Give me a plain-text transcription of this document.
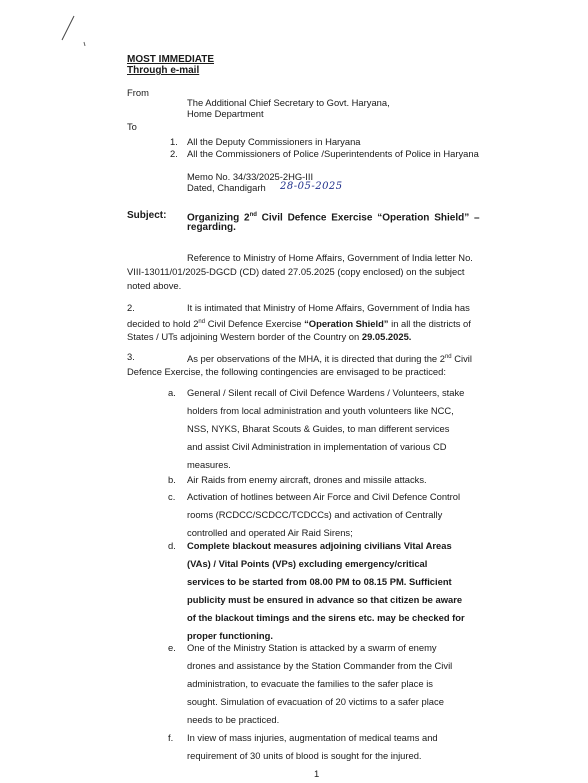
MOST IMMEDIATE
Through e-mail
From
The Additional Chief Secretary to Govt. Haryana,
Home Department
To
1. All the Deputy Commissioners in Haryana
2. All the Commissioners of Police /Superintendents of Police in Haryana
Memo No. 34/33/2025-2HG-III
Dated, Chandigarh 28-05-2025
Subject: Organizing 2nd Civil Defence Exercise “Operation Shield” –
regarding.
Reference to Ministry of Home Affairs, Government of India letter No.
VIII-13011/01/2025-DGCD (CD) dated 27.05.2025 (copy enclosed) on the subject
noted above.
2.	It is intimated that Ministry of Home Affairs, Government of India has
decided to hold 2nd Civil Defence Exercise “Operation Shield” in all the districts of
States / UTs adjoining Western border of the Country on 29.05.2025.
3.	As per observations of the MHA, it is directed that during the 2nd Civil
Defence Exercise, the following contingencies are envisaged to be practiced:
a. General / Silent recall of Civil Defence Wardens / Volunteers, stake
holders from local administration and youth volunteers like NCC,
NSS, NYKS, Bharat Scouts & Guides, to man different services
and assist Civil Administration in implementation of various CD
measures.
b. Air Raids from enemy aircraft, drones and missile attacks.
c. Activation of hotlines between Air Force and Civil Defence Control
rooms (RCDCC/SCDCC/TCDCCs) and activation of Centrally
controlled and operated Air Raid Sirens;
d. Complete blackout measures adjoining civilians Vital Areas
(VAs) / Vital Points (VPs) excluding emergency/critical
services to be started from 08.00 PM to 08.15 PM. Sufficient
publicity must be ensured in advance so that citizen be aware
of the blackout timings and the sirens etc. may be checked for
proper functioning.
e. One of the Ministry Station is attacked by a swarm of enemy
drones and assistance by the Station Commander from the Civil
administration, to evacuate the families to the safer place is
sought. Simulation of evacuation of 20 victims to a safer place
needs to be practiced.
f. In view of mass injuries, augmentation of medical teams and
requirement of 30 units of blood is sought for the injured.
1
